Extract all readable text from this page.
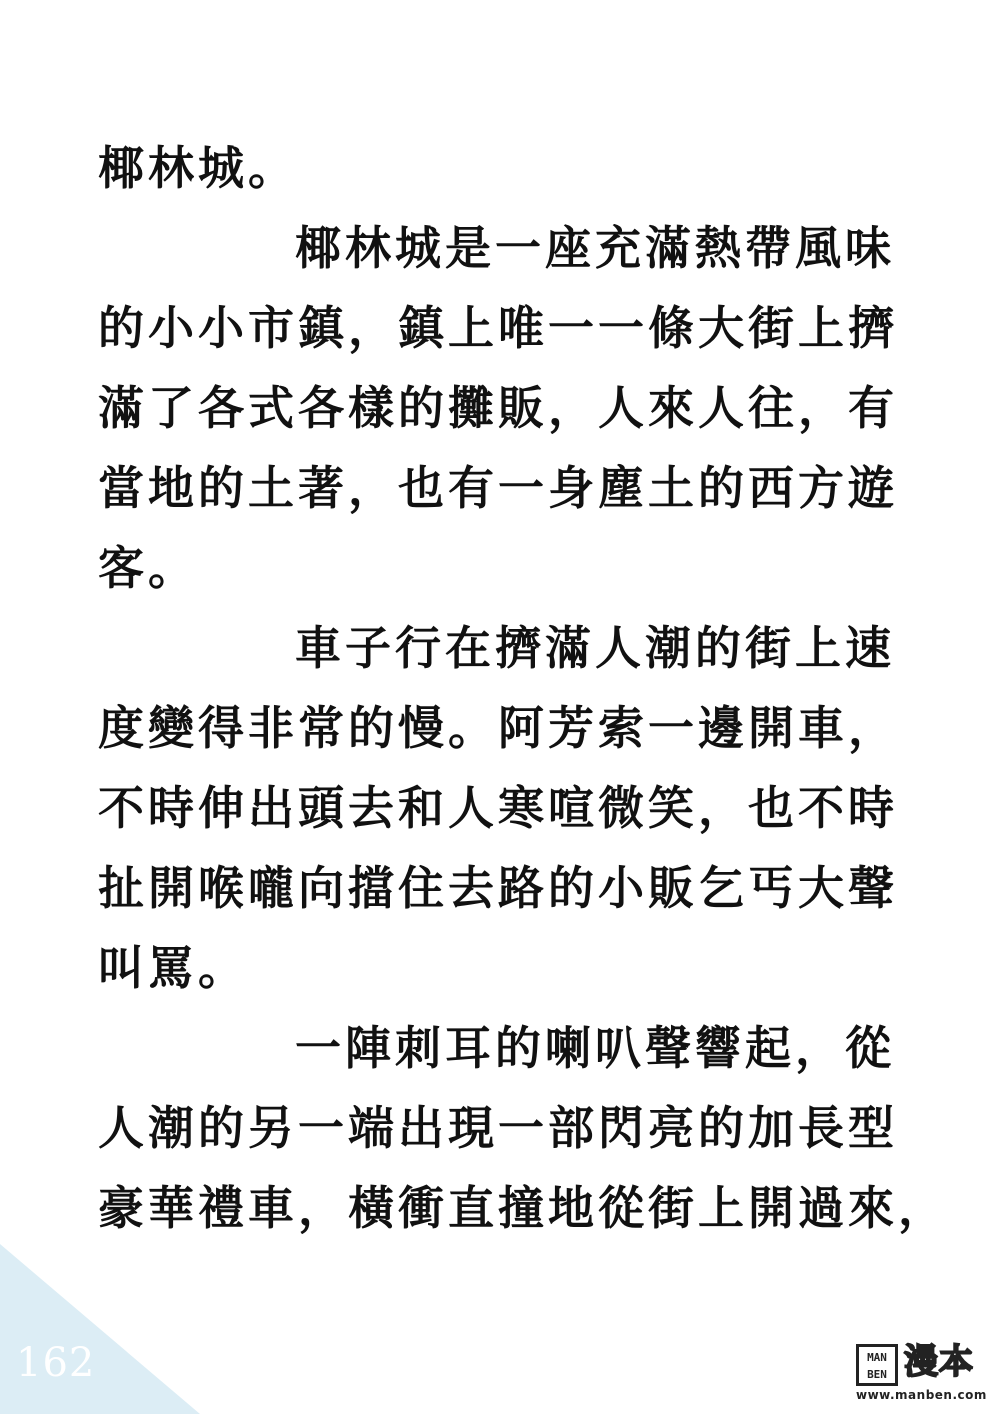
椰林城。
椰林城是一座充滿熱帶風味
的小小市鎮，鎮上唯一一條大街上擠
滿了各式各樣的攤販，人來人往，有
當地的土著，也有一身塵土的西方遊
客。
車子行在擠滿人潮的街上速
度變得非常的慢。阿芳索一邊開車，
不時伸出頭去和人寒喧微笑，也不時
扯開喉嚨向擋住去路的小販乞丐大聲
叫罵。
一陣刺耳的喇叭聲響起，從
人潮的另一端出現一部閃亮的加長型
豪華禮車，橫衝直撞地從街上開過來，
162	MAN
BEN 漫本
www.manben.com
